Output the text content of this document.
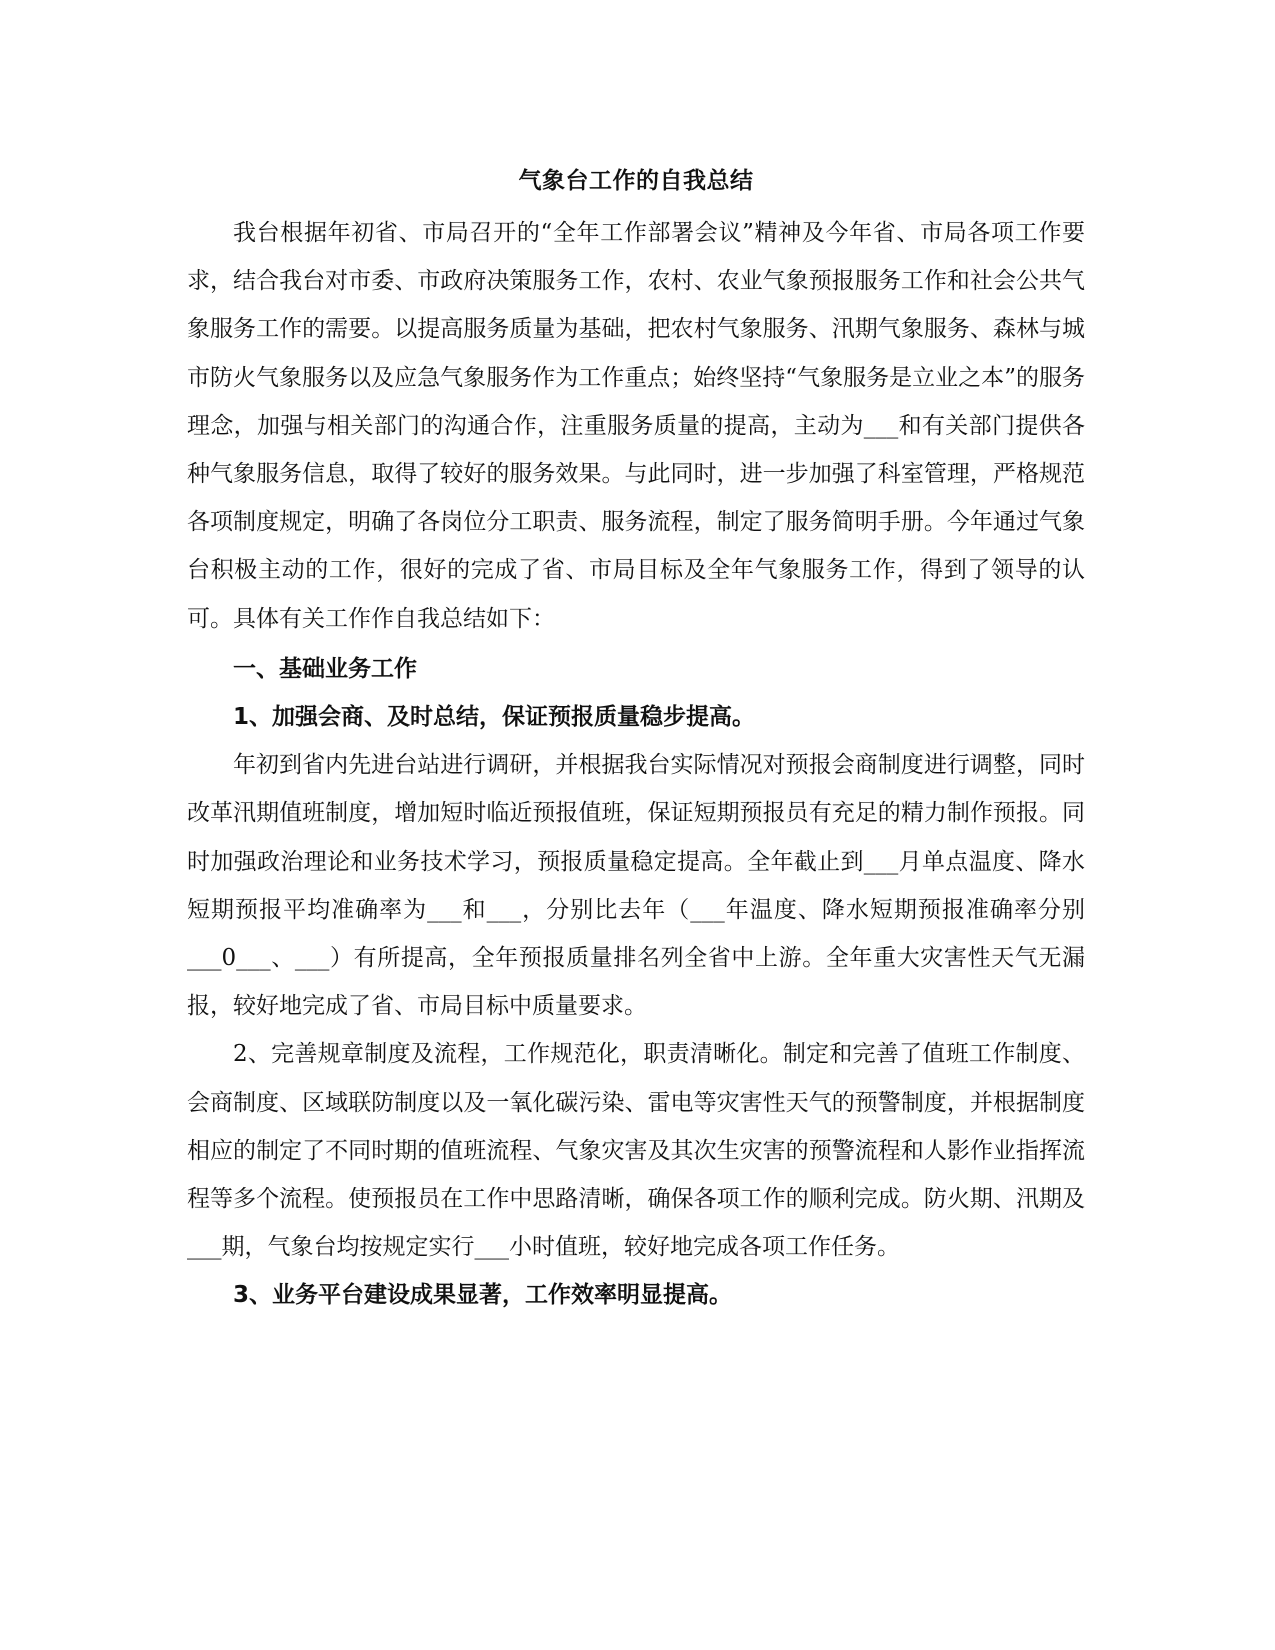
气象台工作的自我总结

我台根据年初省、市局召开的“全年工作部署会议”精神及今年省、市局各项工作要求，结合我台对市委、市政府决策服务工作，农村、农业气象预报服务工作和社会公共气象服务工作的需要。以提高服务质量为基础，把农村气象服务、汛期气象服务、森林与城市防火气象服务以及应急气象服务作为工作重点；始终坚持“气象服务是立业之本”的服务理念，加强与相关部门的沟通合作，注重服务质量的提高，主动为___和有关部门提供各种气象服务信息，取得了较好的服务效果。与此同时，进一步加强了科室管理，严格规范各项制度规定，明确了各岗位分工职责、服务流程，制定了服务简明手册。今年通过气象台积极主动的工作，很好的完成了省、市局目标及全年气象服务工作，得到了领导的认可。具体有关工作作自我总结如下：

一、基础业务工作

1、加强会商、及时总结，保证预报质量稳步提高。

年初到省内先进台站进行调研，并根据我台实际情况对预报会商制度进行调整，同时改革汛期值班制度，增加短时临近预报值班，保证短期预报员有充足的精力制作预报。同时加强政治理论和业务技术学习，预报质量稳定提高。全年截止到___月单点温度、降水短期预报平均准确率为___和___，分别比去年（___年温度、降水短期预报准确率分别___0___、___）有所提高，全年预报质量排名列全省中上游。全年重大灾害性天气无漏报，较好地完成了省、市局目标中质量要求。

2、完善规章制度及流程，工作规范化，职责清晰化。制定和完善了值班工作制度、会商制度、区域联防制度以及一氧化碳污染、雷电等灾害性天气的预警制度，并根据制度相应的制定了不同时期的值班流程、气象灾害及其次生灾害的预警流程和人影作业指挥流程等多个流程。使预报员在工作中思路清晰，确保各项工作的顺利完成。防火期、汛期及___期，气象台均按规定实行___小时值班，较好地完成各项工作任务。

3、业务平台建设成果显著，工作效率明显提高。
